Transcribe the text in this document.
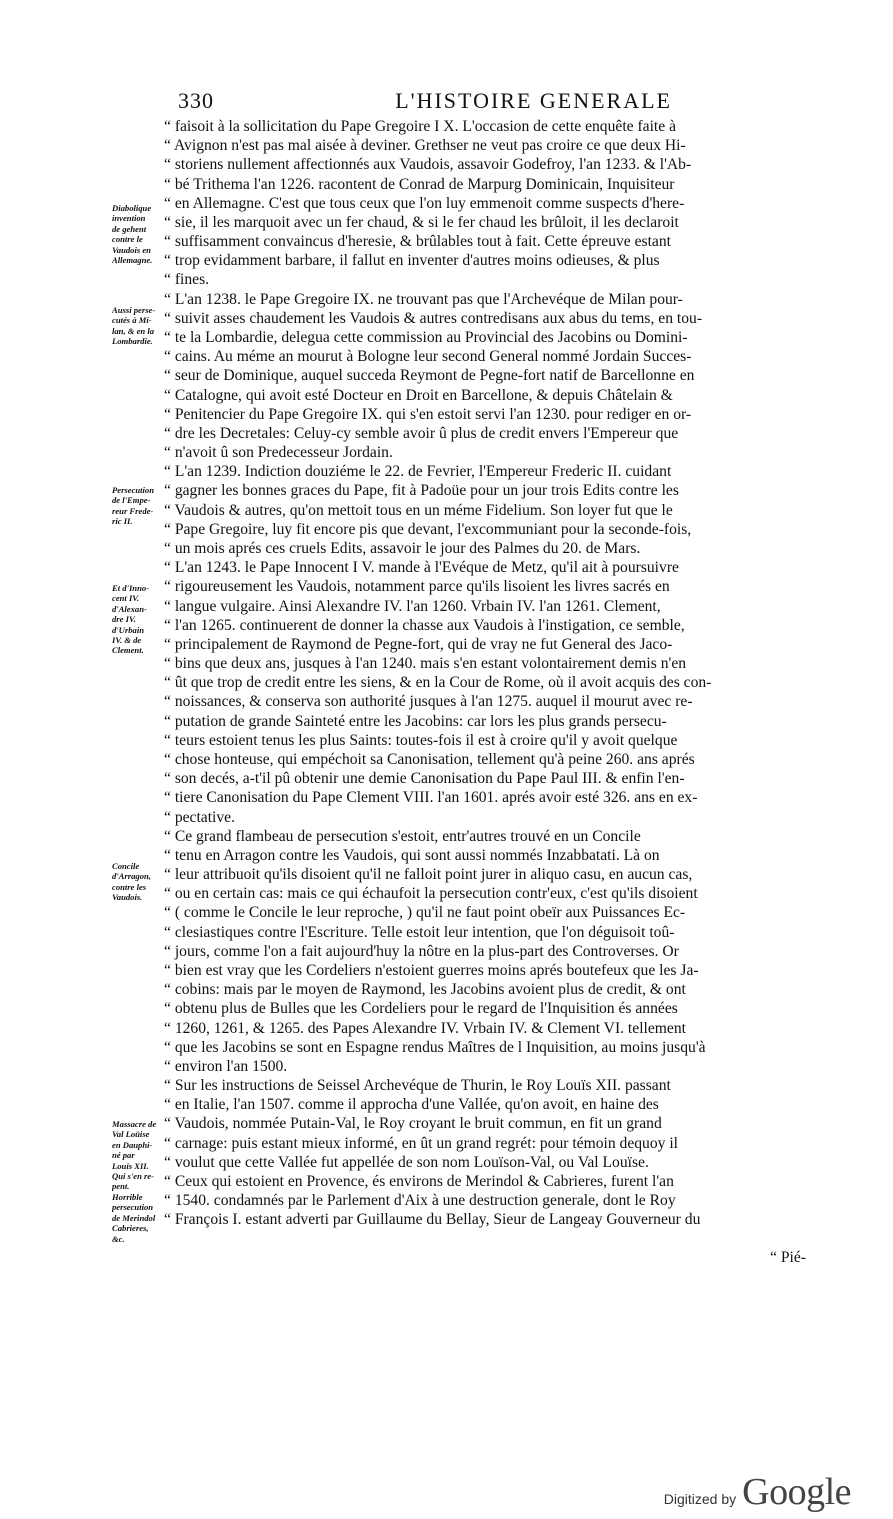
330	L'HISTOIRE GENERALE
Diabolique
invention
de gehent
contre le
Vaudois en
Allemagne.
Aussi perse-
cutés à Mi-
lan, & en la
Lombardie.
Persecution
de l'Empe-
reur Frede-
ric II.
Et d'Inno-
cent IV.
d'Alexan-
dre IV.
d'Urbain
IV. & de
Clement.
Concile
d'Arragon,
contre les
Vaudois.
Massacre de
Val Loüise
en Dauphi-
né par
Louis XII.
Qui s'en re-
pent.
Horrible
persecution
de Merindol
Cabrieres,
&c.
“ faisoit à la sollicitation du Pape Gregoire I X. L'occasion de cette enquête faite à
“ Avignon n'est pas mal aisée à deviner. Grethser ne veut pas croire ce que deux Hi-
“ storiens nullement affectionnés aux Vaudois, assavoir Godefroy, l'an 1233. & l'Ab-
“ bé Trithema l'an 1226. racontent de Conrad de Marpurg Dominicain, Inquisiteur
“ en Allemagne. C'est que tous ceux que l'on luy emmenoit comme suspects d'here-
“ sie, il les marquoit avec un fer chaud, & si le fer chaud les brûloit, il les declaroit
“ suffisamment convaincus d'heresie, & brûlables tout à fait. Cette épreuve estant
“ trop evidamment barbare, il fallut en inventer d'autres moins odieuses, & plus
“ fines.
“ L'an 1238. le Pape Gregoire IX. ne trouvant pas que l'Archevéque de Milan pour-
“ suivit asses chaudement les Vaudois & autres contredisans aux abus du tems, en tou-
“ te la Lombardie, delegua cette commission au Provincial des Jacobins ou Domini-
“ cains. Au méme an mourut à Bologne leur second General nommé Jordain Succes-
“ seur de Dominique, auquel succeda Reymont de Pegne-fort natif de Barcellonne en
“ Catalogne, qui avoit esté Docteur en Droit en Barcellone, & depuis Châtelain &
“ Penitencier du Pape Gregoire IX. qui s'en estoit servi l'an 1230. pour rediger en or-
“ dre les Decretales: Celuy-cy semble avoir û plus de credit envers l'Empereur que
“ n'avoit û son Predecesseur Jordain.
“ L'an 1239. Indiction douziéme le 22. de Fevrier, l'Empereur Frederic II. cuidant
“ gagner les bonnes graces du Pape, fit à Padoüe pour un jour trois Edits contre les
“ Vaudois & autres, qu'on mettoit tous en un méme Fidelium. Son loyer fut que le
“ Pape Gregoire, luy fit encore pis que devant, l'excommuniant pour la seconde-fois,
“ un mois aprés ces cruels Edits, assavoir le jour des Palmes du 20. de Mars.
“ L'an 1243. le Pape Innocent I V. mande à l'Evéque de Metz, qu'il ait à poursuivre
“ rigoureusement les Vaudois, notamment parce qu'ils lisoient les livres sacrés en
“ langue vulgaire. Ainsi Alexandre IV. l'an 1260. Vrbain IV. l'an 1261. Clement,
“ l'an 1265. continuerent de donner la chasse aux Vaudois à l'instigation, ce semble,
“ principalement de Raymond de Pegne-fort, qui de vray ne fut General des Jaco-
“ bins que deux ans, jusques à l'an 1240. mais s'en estant volontairement demis n'en
“ ût que trop de credit entre les siens, & en la Cour de Rome, où il avoit acquis des con-
“ noissances, & conserva son authorité jusques à l'an 1275. auquel il mourut avec re-
“ putation de grande Sainteté entre les Jacobins: car lors les plus grands persecu-
“ teurs estoient tenus les plus Saints: toutes-fois il est à croire qu'il y avoit quelque
“ chose honteuse, qui empéchoit sa Canonisation, tellement qu'à peine 260. ans aprés
“ son decés, a-t'il pû obtenir une demie Canonisation du Pape Paul III. & enfin l'en-
“ tiere Canonisation du Pape Clement VIII. l'an 1601. aprés avoir esté 326. ans en ex-
“ pectative.
“ Ce grand flambeau de persecution s'estoit, entr'autres trouvé en un Concile
“ tenu en Arragon contre les Vaudois, qui sont aussi nommés Inzabbatati. Là on
“ leur attribuoit qu'ils disoient qu'il ne falloit point jurer in aliquo casu, en aucun cas,
“ ou en certain cas: mais ce qui échaufoit la persecution contr'eux, c'est qu'ils disoient
“ ( comme le Concile le leur reproche, ) qu'il ne faut point obeïr aux Puissances Ec-
“ clesiastiques contre l'Escriture. Telle estoit leur intention, que l'on déguisoit toû-
“ jours, comme l'on a fait aujourd'huy la nôtre en la plus-part des Controverses. Or
“ bien est vray que les Cordeliers n'estoient guerres moins aprés boutefeux que les Ja-
“ cobins: mais par le moyen de Raymond, les Jacobins avoient plus de credit, & ont
“ obtenu plus de Bulles que les Cordeliers pour le regard de l'Inquisition és années
“ 1260, 1261, & 1265. des Papes Alexandre IV. Vrbain IV. & Clement VI. tellement
“ que les Jacobins se sont en Espagne rendus Maîtres de l Inquisition, au moins jusqu'à
“ environ l'an 1500.
“ Sur les instructions de Seissel Archevéque de Thurin, le Roy Louïs XII. passant
“ en Italie, l'an 1507. comme il approcha d'une Vallée, qu'on avoit, en haine des
“ Vaudois, nommée Putain-Val, le Roy croyant le bruit commun, en fit un grand
“ carnage: puis estant mieux informé, en ût un grand regrét: pour témoin dequoy il
“ voulut que cette Vallée fut appellée de son nom Louïson-Val, ou Val Louïse.
“ Ceux qui estoient en Provence, és environs de Merindol & Cabrieres, furent l'an
“ 1540. condamnés par le Parlement d'Aix à une destruction generale, dont le Roy
“ François I. estant adverti par Guillaume du Bellay, Sieur de Langeay Gouverneur du
“ Pié-
Digitized by Google
